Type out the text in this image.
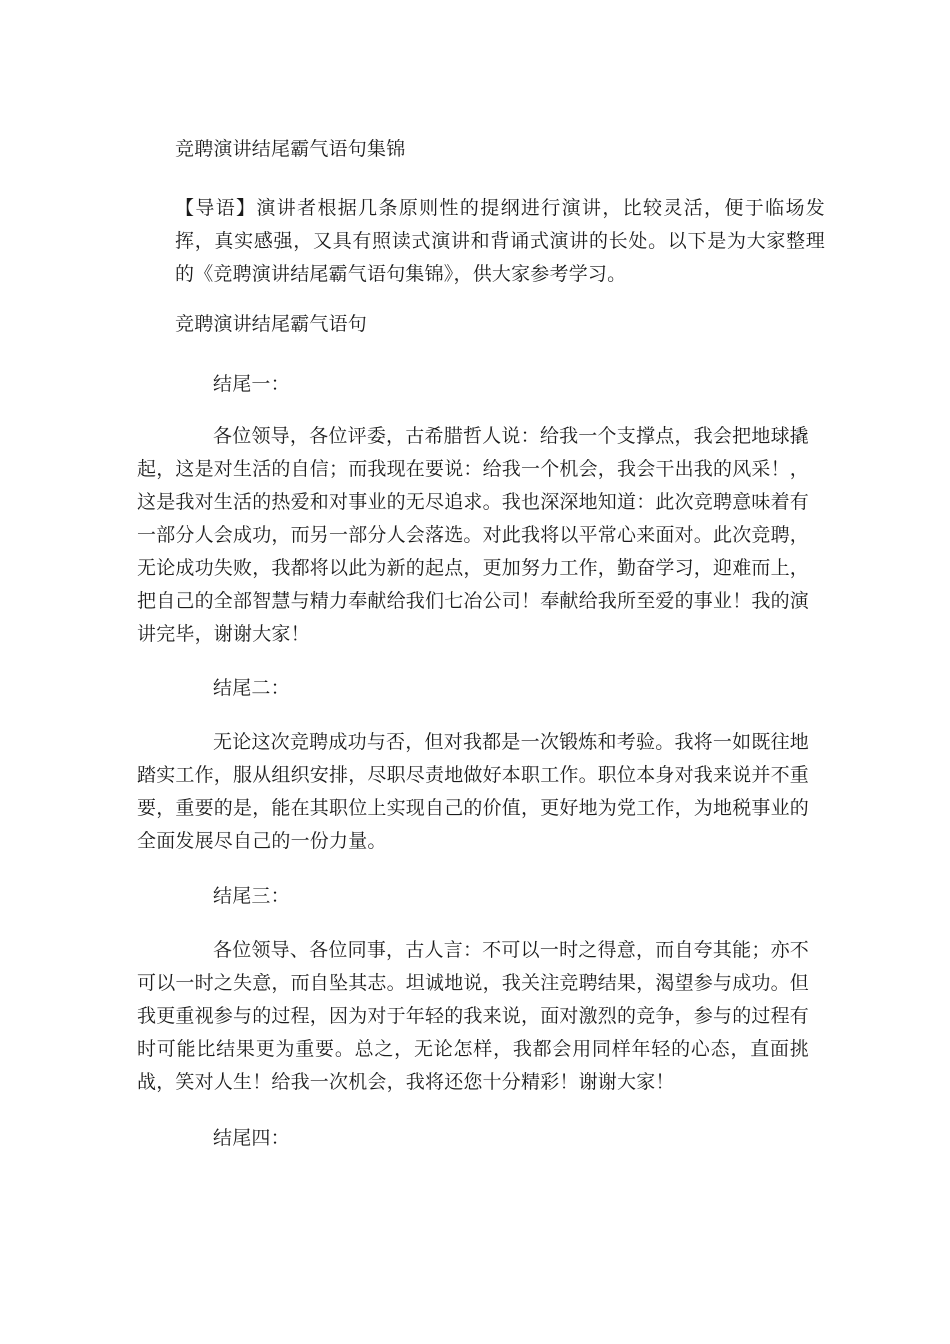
竞聘演讲结尾霸气语句集锦
【导语】演讲者根据几条原则性的提纲进行演讲，比较灵活，便于临场发挥，真实感强，又具有照读式演讲和背诵式演讲的长处。以下是为大家整理的《竞聘演讲结尾霸气语句集锦》，供大家参考学习。
竞聘演讲结尾霸气语句
结尾一：
各位领导，各位评委，古希腊哲人说：给我一个支撑点，我会把地球撬起，这是对生活的自信；而我现在要说：给我一个机会，我会干出我的风采！，这是我对生活的热爱和对事业的无尽追求。我也深深地知道：此次竞聘意味着有一部分人会成功，而另一部分人会落选。对此我将以平常心来面对。此次竞聘，无论成功失败，我都将以此为新的起点，更加努力工作，勤奋学习，迎难而上，把自己的全部智慧与精力奉献给我们七冶公司！奉献给我所至爱的事业！我的演讲完毕，谢谢大家！
结尾二：
无论这次竞聘成功与否，但对我都是一次锻炼和考验。我将一如既往地踏实工作，服从组织安排，尽职尽责地做好本职工作。职位本身对我来说并不重要，重要的是，能在其职位上实现自己的价值，更好地为党工作，为地税事业的全面发展尽自己的一份力量。
结尾三：
各位领导、各位同事，古人言：不可以一时之得意，而自夸其能；亦不可以一时之失意，而自坠其志。坦诚地说，我关注竞聘结果，渴望参与成功。但我更重视参与的过程，因为对于年轻的我来说，面对激烈的竞争，参与的过程有时可能比结果更为重要。总之，无论怎样，我都会用同样年轻的心态，直面挑战，笑对人生！给我一次机会，我将还您十分精彩！谢谢大家！
结尾四：
